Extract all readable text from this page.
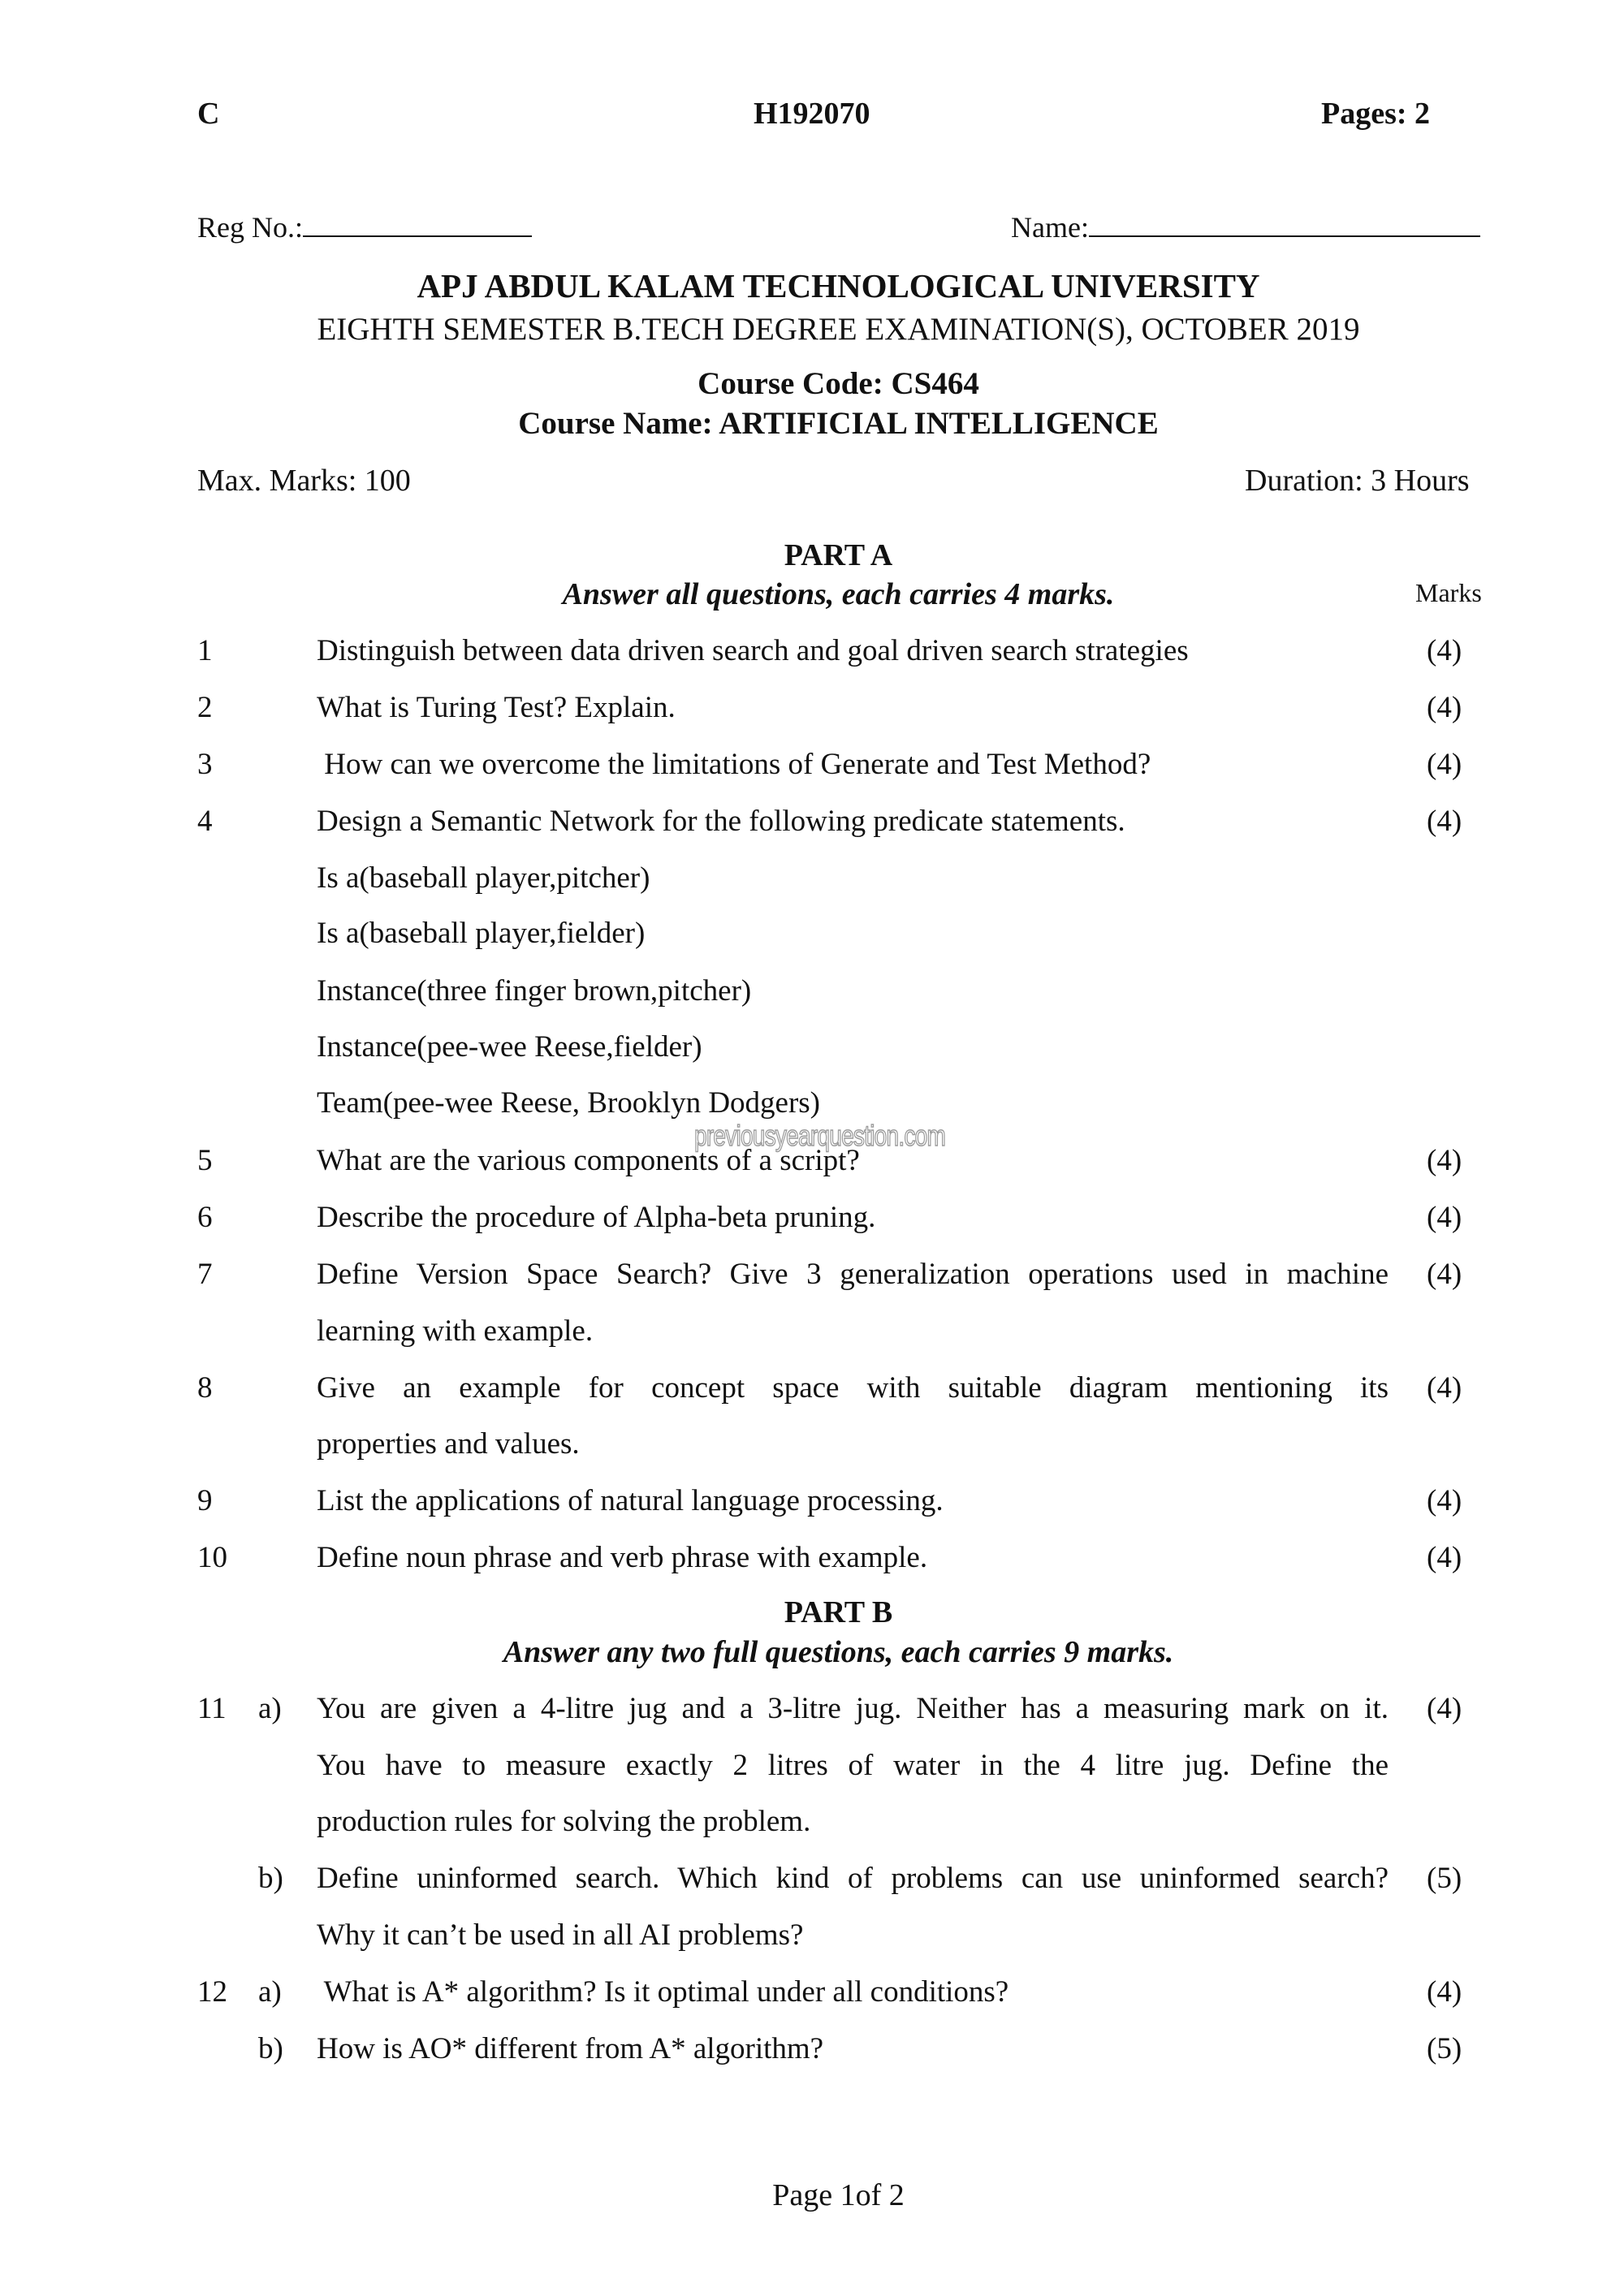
C	H192070	Pages: 2
Reg No.:	Name:
APJ ABDUL KALAM TECHNOLOGICAL UNIVERSITY
EIGHTH SEMESTER B.TECH DEGREE EXAMINATION(S), OCTOBER 2019
Course Code: CS464
Course Name: ARTIFICIAL INTELLIGENCE
Max. Marks: 100	Duration: 3 Hours
PART A
Answer all questions, each carries 4 marks.	Marks
1	Distinguish between data driven search and goal driven search strategies	(4)
2	What is Turing Test? Explain.	(4)
3	How can we overcome the limitations of Generate and Test Method?	(4)
4	Design a Semantic Network for the following predicate statements.	(4)
Is a(baseball player,pitcher)
Is a(baseball player,fielder)
Instance(three finger brown,pitcher)
Instance(pee-wee Reese,fielder)
Team(pee-wee Reese, Brooklyn Dodgers)
5	What are the various components of a script?	(4)
6	Describe the procedure of Alpha-beta pruning.	(4)
7	Define Version Space Search? Give 3 generalization operations used in machine (4)
learning with example.
8	Give an example for concept space with suitable diagram mentioning its (4)
properties and values.
9	List the applications of natural language processing.	(4)
10	Define noun phrase and verb phrase with example.	(4)
PART B
Answer any two full questions, each carries 9 marks.
11 a) You are given a 4-litre jug and a 3-litre jug. Neither has a measuring mark on it. (4)
You have to measure exactly 2 litres of water in the 4 litre jug. Define the
production rules for solving the problem.
b) Define uninformed search. Which kind of problems can use uninformed search? (5)
Why it can’t be used in all AI problems?
12 a) What is A* algorithm? Is it optimal under all conditions?	(4)
b) How is AO* different from A* algorithm?	(5)
previousyearquestion.com
Page 1of 2
